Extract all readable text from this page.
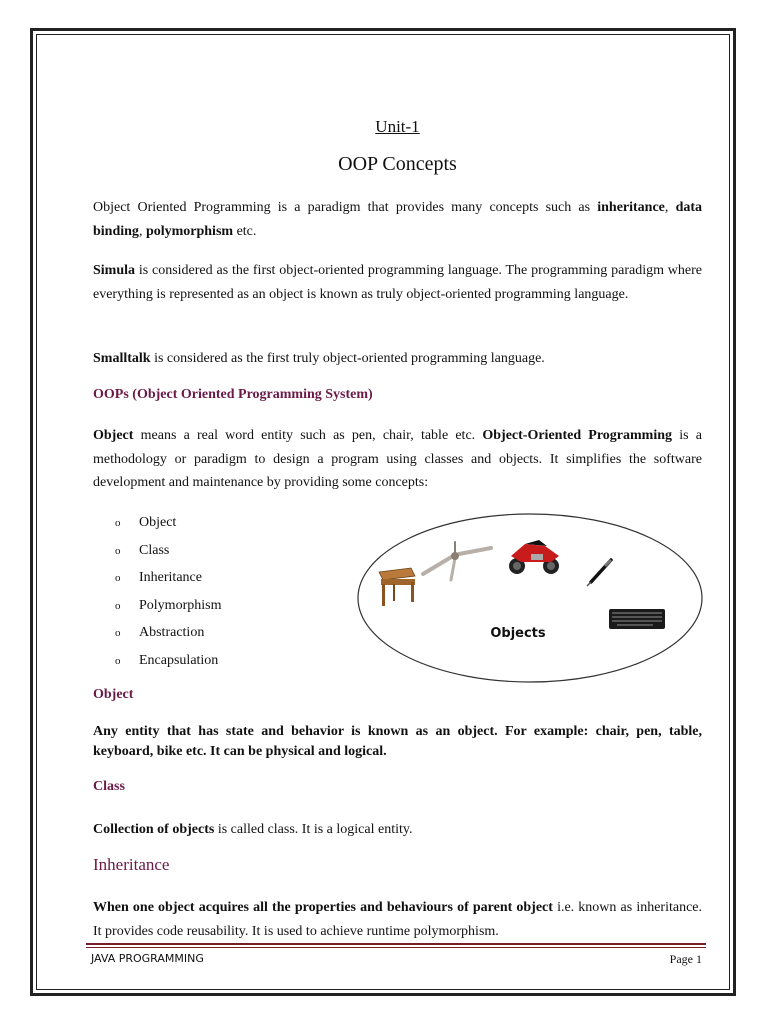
Unit-1
OOP Concepts

Object Oriented Programming is a paradigm that provides many concepts such as inheritance, data binding, polymorphism etc.

Simula is considered as the first object-oriented programming language. The programming paradigm where everything is represented as an object is known as truly object-oriented programming language.

Smalltalk is considered as the first truly object-oriented programming language.

OOPs (Object Oriented Programming System)

Object means a real word entity such as pen, chair, table etc. Object-Oriented Programming is a methodology or paradigm to design a program using classes and objects. It simplifies the software development and maintenance by providing some concepts:

o Object
o Class
o Inheritance
o Polymorphism
o Abstraction
o Encapsulation
Objects
Object

Any entity that has state and behavior is known as an object. For example: chair, pen, table, keyboard, bike etc. It can be physical and logical.

Class

Collection of objects is called class. It is a logical entity.

Inheritance

When one object acquires all the properties and behaviours of parent object i.e. known as inheritance. It provides code reusability. It is used to achieve runtime polymorphism.

JAVA PROGRAMMING	Page 1
